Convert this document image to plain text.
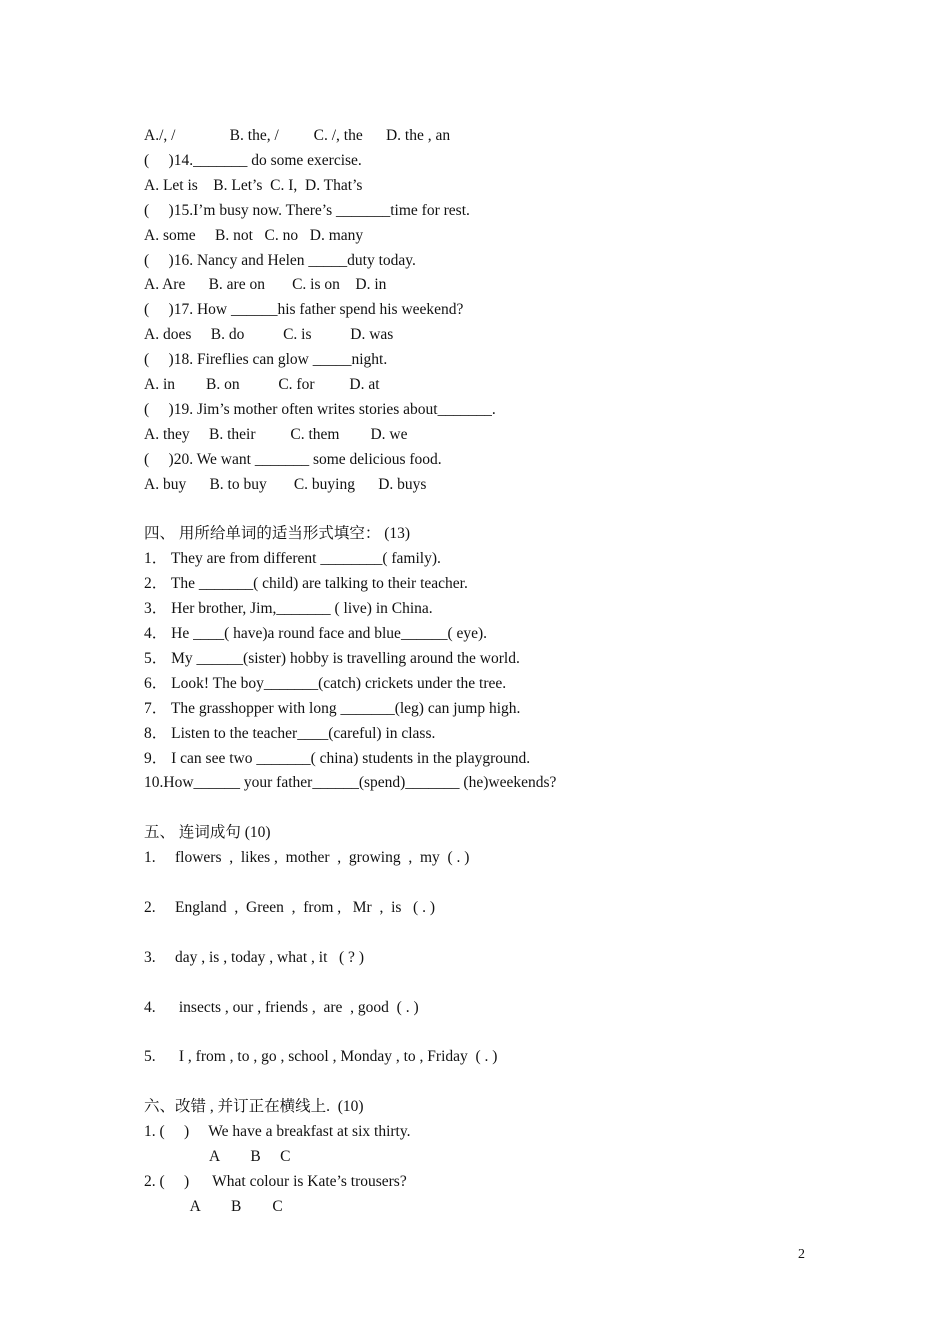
A./, /              B. the, /         C. /, the      D. the , an
(     )14._______ do some exercise.
A. Let is    B. Let’s  C. I,  D. That’s
(     )15.I’m busy now. There’s _______time for rest.
A. some     B. not   C. no   D. many
(     )16. Nancy and Helen _____duty today.
A. Are      B. are on       C. is on    D. in
(     )17. How ______his father spend his weekend?
A. does     B. do          C. is          D. was
(     )18. Fireflies can glow _____night.
A. in        B. on          C. for         D. at
(     )19. Jim’s mother often writes stories about_______.
A. they     B. their         C. them        D. we
(     )20. We want _______ some delicious food.
A. buy      B. to buy       C. buying      D. buys
四、 用所给单词的适当形式填空： (13)
1． They are from different ________( family).
2． The _______( child) are talking to their teacher.
3． Her brother, Jim,_______ ( live) in China.
4． He ____( have)a round face and blue______( eye).
5． My ______(sister) hobby is travelling around the world.
6． Look! The boy_______(catch) crickets under the tree.
7． The grasshopper with long _______(leg) can jump high.
8． Listen to the teacher____(careful) in class.
9． I can see two _______( china) students in the playground.
10.How______ your father______(spend)_______ (he)weekends?
五、 连词成句 (10)
1.     flowers  ,  likes ,  mother  ,  growing  ,  my  ( . )
2.     England  ,  Green  ,  from ,   Mr  ,  is   ( . )
3.     day , is , today , what , it   ( ? )
4.      insects , our , friends ,  are  , good  ( . )
5.      I , from , to , go , school , Monday , to , Friday  ( . )
六、改错 , 并订正在横线上.  (10)
1. (     )     We have a breakfast at six thirty.
A        B     C
2. (     )      What colour is Kate’s trousers?
A        B        C
2
